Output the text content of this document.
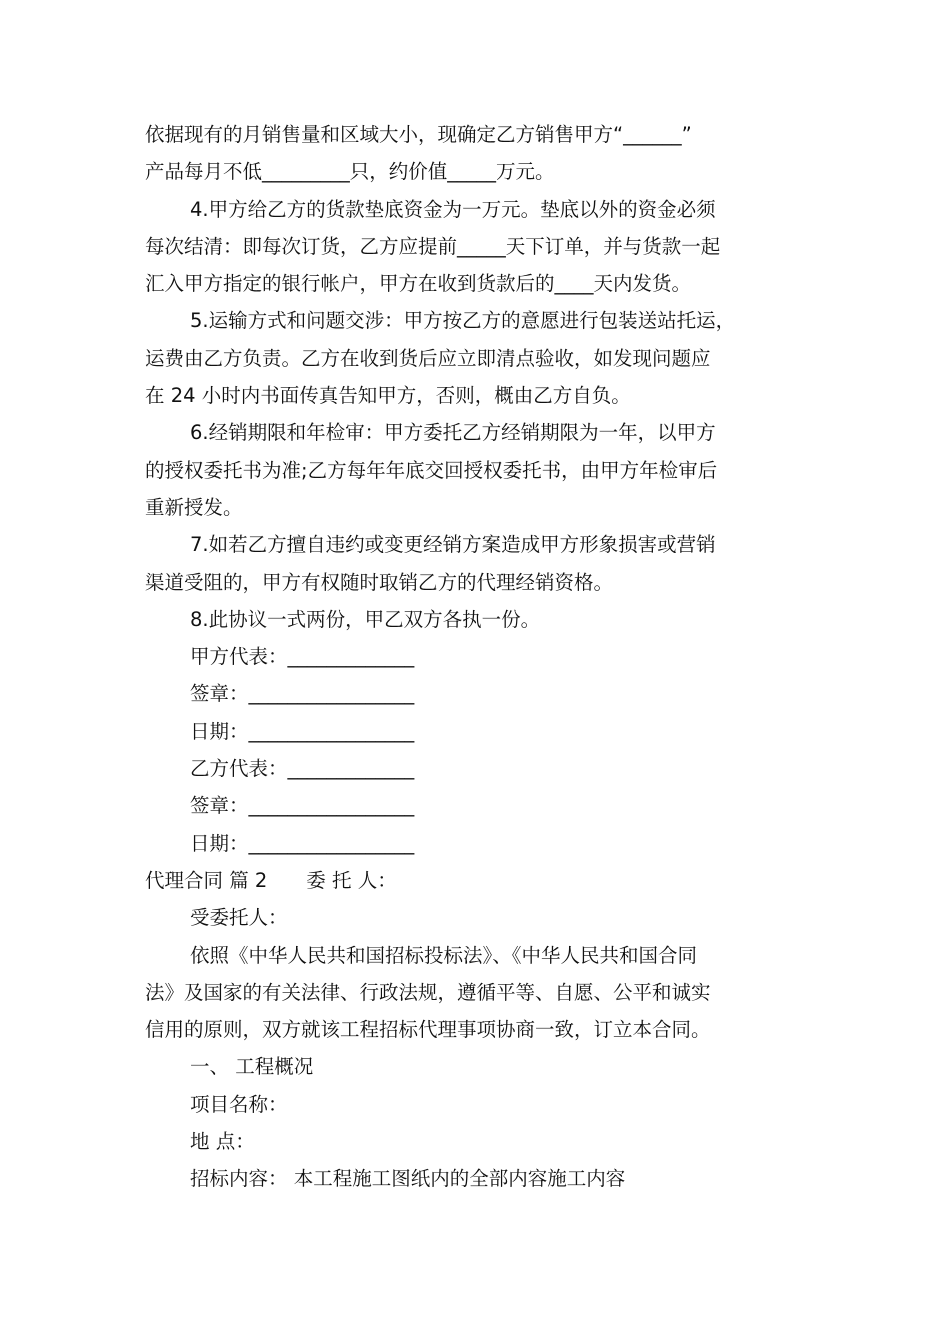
依据现有的月销售量和区域大小，现确定乙方销售甲方“______”
产品每月不低_________只，约价值_____万元。
4.甲方给乙方的货款垫底资金为一万元。垫底以外的资金必须
每次结清：即每次订货，乙方应提前_____天下订单，并与货款一起
汇入甲方指定的银行帐户，甲方在收到货款后的____天内发货。
5.运输方式和问题交涉：甲方按乙方的意愿进行包装送站托运，
运费由乙方负责。乙方在收到货后应立即清点验收，如发现问题应
在 24 小时内书面传真告知甲方，否则，概由乙方自负。
6.经销期限和年检审：甲方委托乙方经销期限为一年，以甲方
的授权委托书为准;乙方每年年底交回授权委托书，由甲方年检审后
重新授发。
7.如若乙方擅自违约或变更经销方案造成甲方形象损害或营销
渠道受阻的，甲方有权随时取销乙方的代理经销资格。
8.此协议一式两份，甲乙双方各执一份。
甲方代表：_____________
签章：_________________
日期：_________________
乙方代表：_____________
签章：_________________
日期：_________________
代理合同 篇 2　　委 托 人：
受委托人：
依照《中华人民共和国招标投标法》、《中华人民共和国合同
法》及国家的有关法律、行政法规，遵循平等、自愿、公平和诚实
信用的原则，双方就该工程招标代理事项协商一致，订立本合同。
一、 工程概况
项目名称：
地 点：
招标内容： 本工程施工图纸内的全部内容施工内容
